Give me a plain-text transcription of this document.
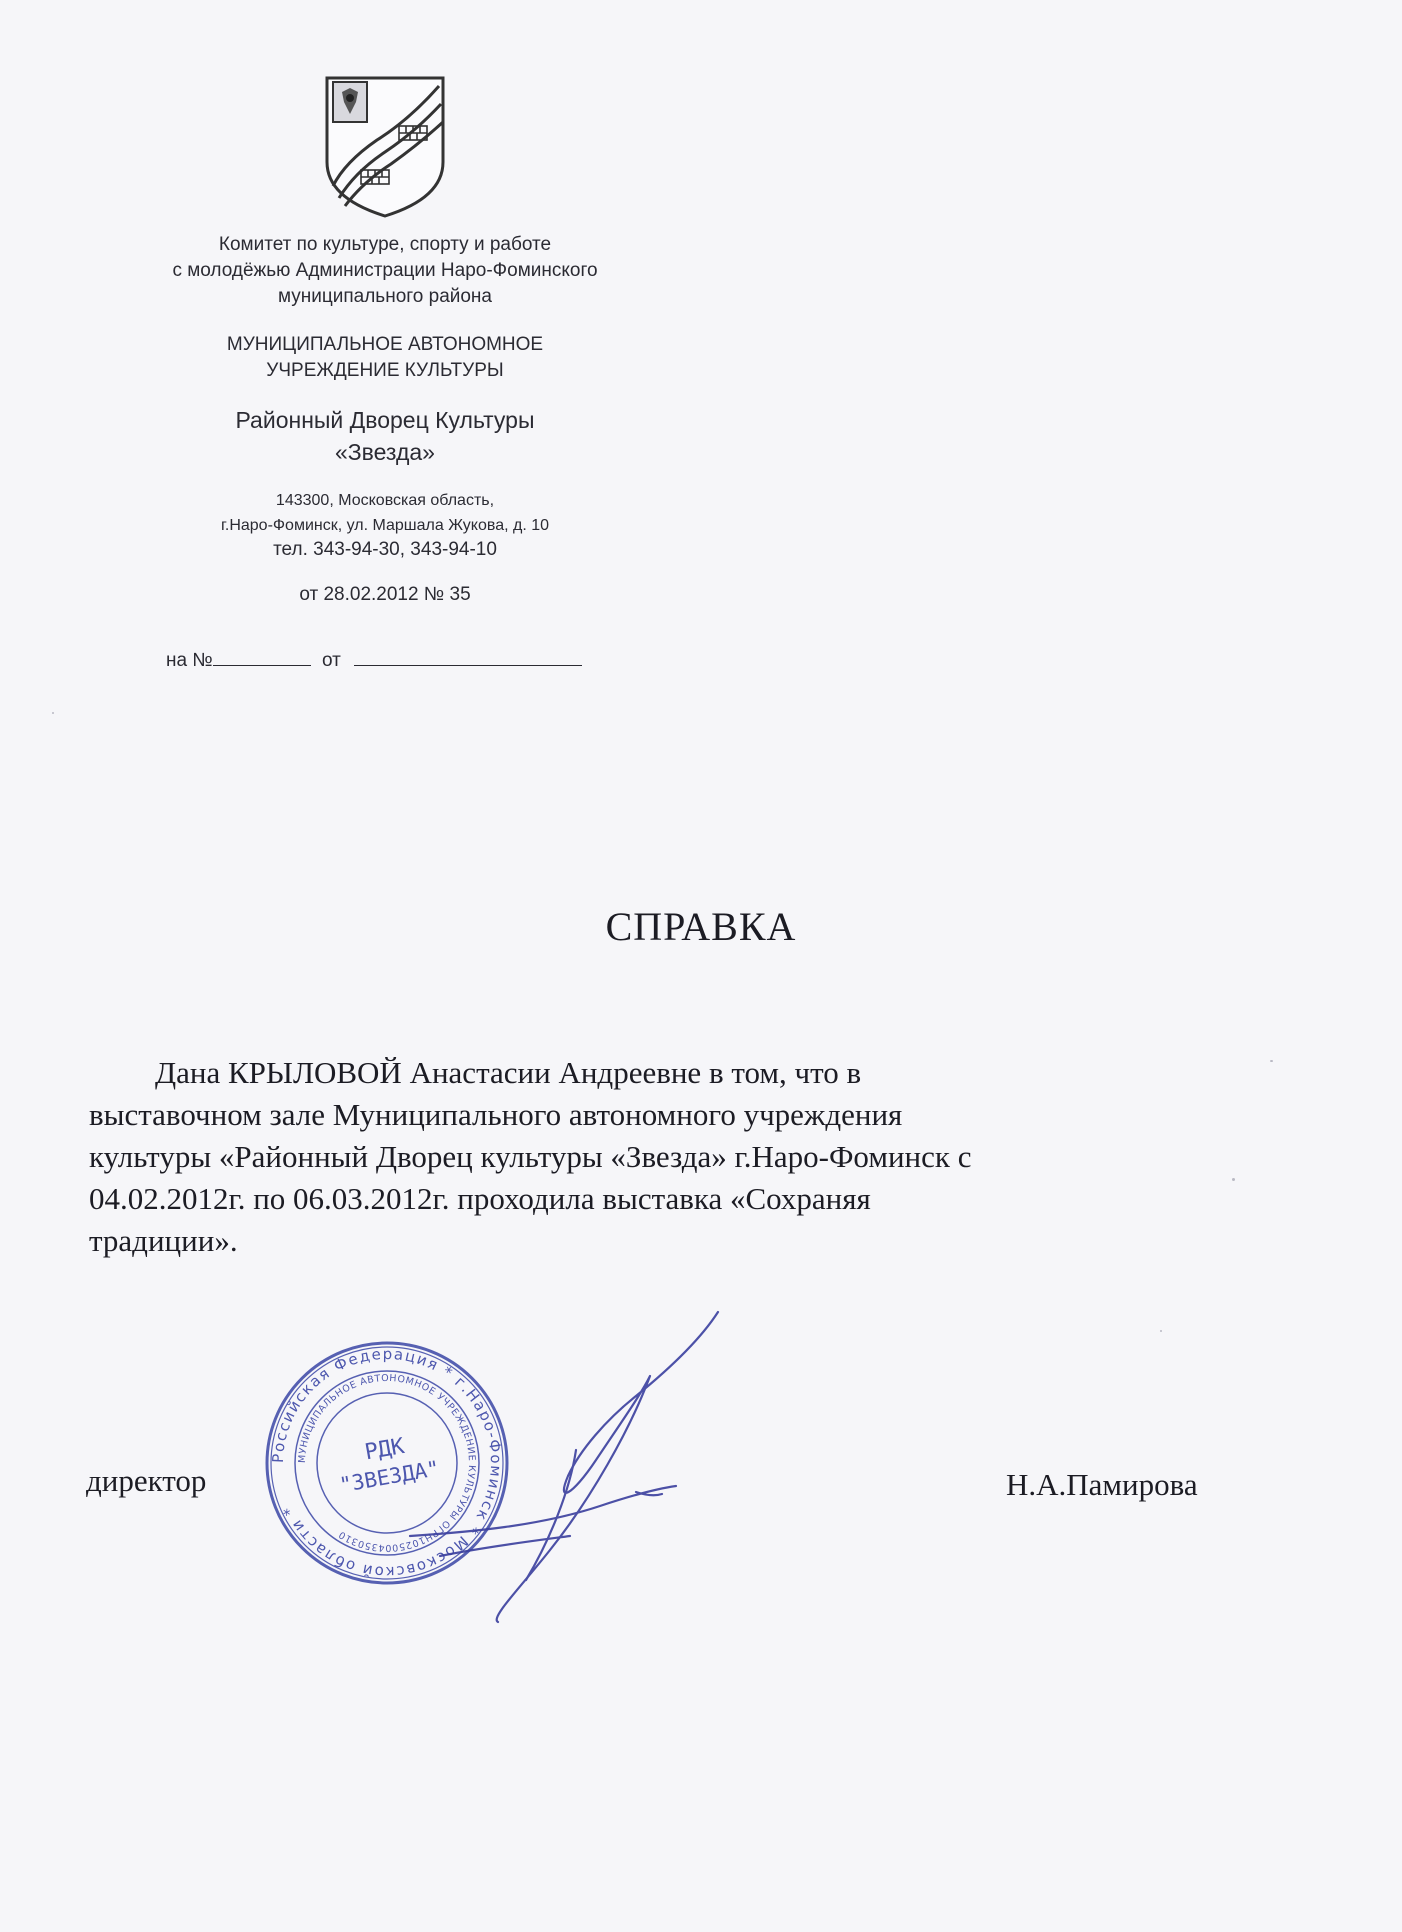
Комитет по культуре, спорту и работе

с молодёжью Администрации Наро-Фоминского

муниципального района

МУНИЦИПАЛЬНОЕ АВТОНОМНОЕ

УЧРЕЖДЕНИЕ КУЛЬТУРЫ

Районный Дворец Культуры

«Звезда»

143300, Московская область,

г.Наро-Фоминск, ул. Маршала Жукова, д. 10

тел. 343-94-30, 343-94-10

от 28.02.2012 № 35

на №	от
СПРАВКА

Дана КРЫЛОВОЙ Анастасии Андреевне в том, что в
выставочном зале Муниципального автономного учреждения
культуры «Районный Дворец культуры «Звезда» г.Наро-Фоминск с
04.02.2012г. по 06.03.2012г. проходила выставка «Сохраняя
традиции».

директор	Н.А.Памирова
Российская Федерация * г.Наро-Фоминск * Московской области *
МУНИЦИПАЛЬНОЕ АВТОНОМНОЕ УЧРЕЖДЕНИЕ КУЛЬТУРЫ ОГРН1025004350310
РДК
"ЗВЕЗДА"
